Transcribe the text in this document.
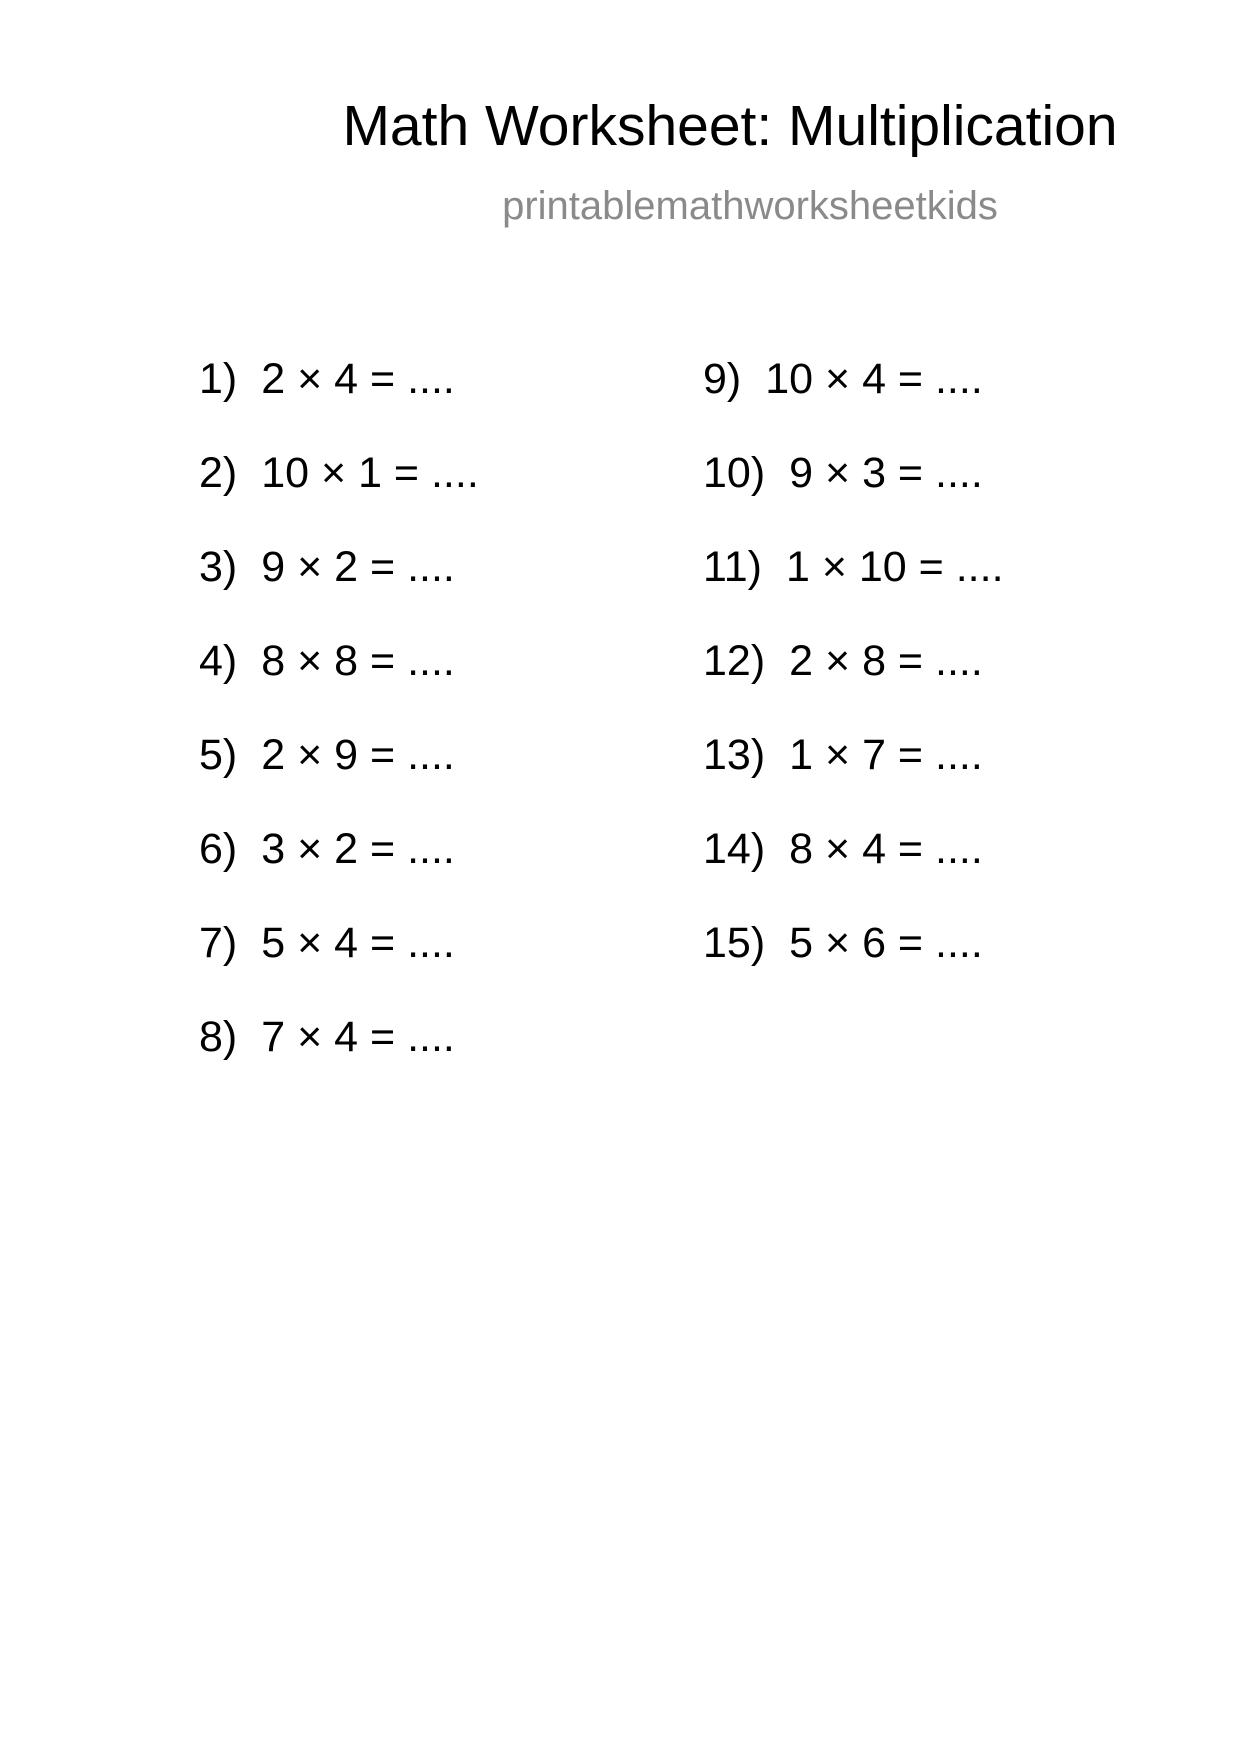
Math Worksheet: Multiplication
printablemathworksheetkids
1) 2 × 4 = ....
2) 10 × 1 = ....
3) 9 × 2 = ....
4) 8 × 8 = ....
5) 2 × 9 = ....
6) 3 × 2 = ....
7) 5 × 4 = ....
8) 7 × 4 = ....
9) 10 × 4 = ....
10) 9 × 3 = ....
11) 1 × 10 = ....
12) 2 × 8 = ....
13) 1 × 7 = ....
14) 8 × 4 = ....
15) 5 × 6 = ....
